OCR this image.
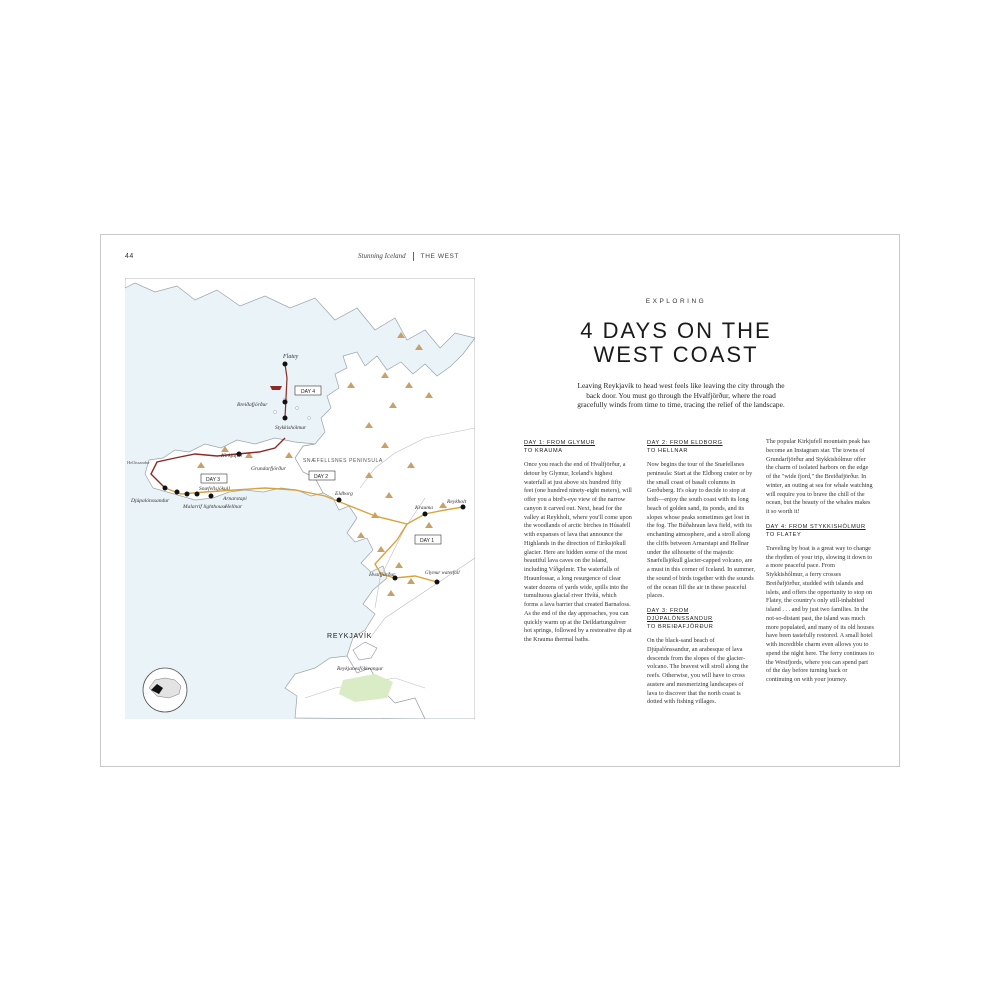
44	Stunning Iceland THE WEST
Flatey
DAY 4
Breiðafjörður
Stykkishólmur
Kirkjufell
Grundarfjörður
Hellissandur
DAY 3	DAY 2
Snæfellsjökull
Djúpalónssandur
Malarrif lighthouse
Arnarstapi
Hellnar
SNÆFELLSNES PENINSULA
Eldborg
Krauma
Reykholt
DAY 1
Hvalfjörður	Glymur waterfall
REYKJAVÍK
Reykjanesfólkvangur
EXPLORING
4 DAYS ON THE
WEST COAST
Leaving Reykjavík to head west feels like leaving the city through the back door. You must go through the Hvalfjörður, where the road gracefully winds from time to time, tracing the relief of the landscape.
DAY 1: FROM GLYMUR
TO KRAUMA

Once you reach the end of Hvalfjörður, a detour by Glymur, Iceland's highest waterfall at just above six hundred fifty feet (one hundred ninety-eight meters), will offer you a bird's-eye view of the narrow canyon it carved out. Next, head for the valley at Reykholt, where you'll come upon the woodlands of arctic birches in Húsafell with expanses of lava that announce the Highlands in the direction of Eiríksjökull glacier. Here are hidden some of the most beautiful lava caves on the island, including Víðgelmir. The waterfalls of Hraunfossar, a long resurgence of clear water dozens of yards wide, spills into the tumultuous glacial river Hvítá, which forms a lava barrier that created Barnafoss. As the end of the day approaches, you can quickly warm up at the Deildartunguhver hot springs, followed by a restorative dip at the Krauma thermal baths.

DAY 2: FROM ELDBORG
TO HELLNAR

Now begins the tour of the Snæfellsnes peninsula: Start at the Eldborg crater or by the small coast of basalt columns in Gerðuberg. It's okay to decide to stop at both—enjoy the south coast with its long beach of golden sand, its ponds, and its slopes whose peaks sometimes get lost in the fog. The Búðahraun lava field, with its enchanting atmosphere, and a stroll along the cliffs between Arnarstapi and Hellnar under the silhouette of the majestic Snæfellsjökull glacier-capped volcano, are a must in this corner of Iceland. In summer, the sound of birds together with the sounds of the ocean fill the air in these peaceful places.

DAY 3: FROM DJÚPALÓNSSANDUR
TO BREIÐAFJÖRÐUR

On the black-sand beach of Djúpalónssandur, an arabesque of lava descends from the slopes of the glacier-volcano. The bravest will stroll along the reefs. Otherwise, you will have to cross austere and mesmerizing landscapes of lava to discover that the north coast is dotted with fishing villages.

The popular Kirkjufell mountain peak has become an Instagram star. The towns of Grundarfjörður and Stykkishólmur offer the charm of isolated harbors on the edge of the "wide fjord," the Breiðafjörður. In winter, an outing at sea for whale watching will require you to brave the chill of the ocean, but the beauty of the whales makes it so worth it!

DAY 4: FROM STYKKISHÓLMUR
TO FLATEY

Traveling by boat is a great way to change the rhythm of your trip, slowing it down to a more peaceful pace. From Stykkishólmur, a ferry crosses Breiðafjörður, studded with islands and islets, and offers the opportunity to stop on Flatey, the country's only still-inhabited island . . . and by just two families. In the not-so-distant past, the island was much more populated, and many of its old houses have been tastefully restored. A small hotel with incredible charm even allows you to spend the night here. The ferry continues to the Westfjords, where you can spend part of the day before turning back or continuing on with your journey.
